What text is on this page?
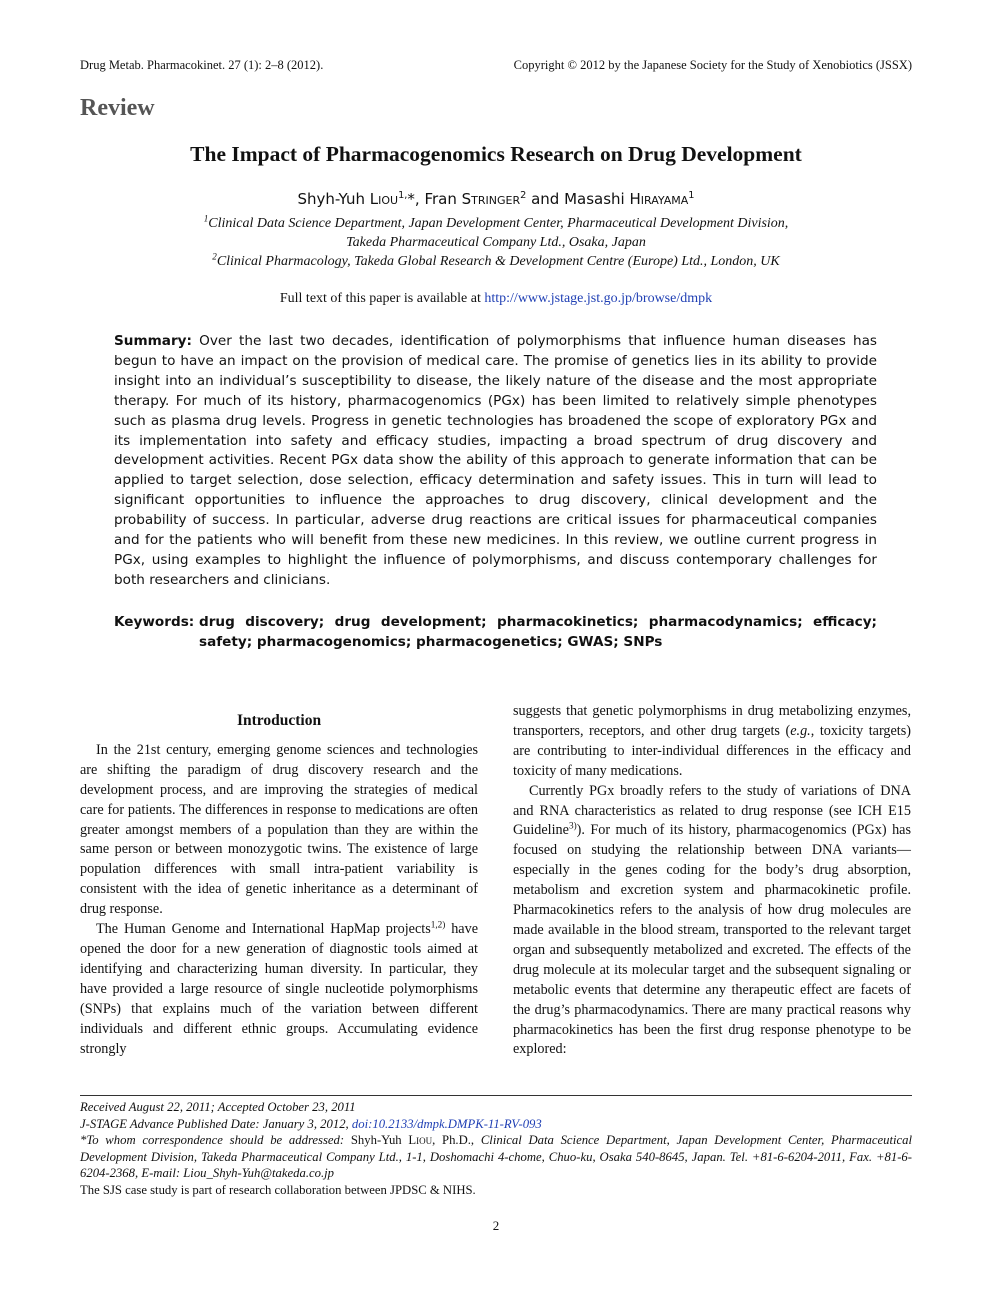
Drug Metab. Pharmacokinet. 27 (1): 2–8 (2012).	Copyright © 2012 by the Japanese Society for the Study of Xenobiotics (JSSX)
Review
The Impact of Pharmacogenomics Research on Drug Development
Shyh-Yuh Liou$^{1,}$*, Fran Stringer$^2$ and Masashi Hirayama$^1$
$^1$Clinical Data Science Department, Japan Development Center, Pharmaceutical Development Division,
Takeda Pharmaceutical Company Ltd., Osaka, Japan
$^2$Clinical Pharmacology, Takeda Global Research & Development Centre (Europe) Ltd., London, UK
Full text of this paper is available at http://www.jstage.jst.go.jp/browse/dmpk
Summary: Over the last two decades, identification of polymorphisms that influence human diseases has begun to have an impact on the provision of medical care. The promise of genetics lies in its ability to provide insight into an individual’s susceptibility to disease, the likely nature of the disease and the most appropriate therapy. For much of its history, pharmacogenomics (PGx) has been limited to relatively simple phenotypes such as plasma drug levels. Progress in genetic technologies has broadened the scope of exploratory PGx and its implementation into safety and efficacy studies, impacting a broad spectrum of drug discovery and development activities. Recent PGx data show the ability of this approach to generate information that can be applied to target selection, dose selection, efficacy determination and safety issues. This in turn will lead to significant opportunities to influence the approaches to drug discovery, clinical development and the probability of success. In particular, adverse drug reactions are critical issues for pharmaceutical companies and for the patients who will benefit from these new medicines. In this review, we outline current progress in PGx, using examples to highlight the influence of polymorphisms, and discuss contemporary challenges for both researchers and clinicians.
Keywords: drug discovery; drug development; pharmacokinetics; pharmacodynamics; efficacy; safety; pharmacogenomics; pharmacogenetics; GWAS; SNPs
Introduction

In the 21st century, emerging genome sciences and technologies are shifting the paradigm of drug discovery research and the development process, and are improving the strategies of medical care for patients. The differences in response to medications are often greater amongst members of a population than they are within the same person or between monozygotic twins. The existence of large population differences with small intra-patient variability is consistent with the idea of genetic inheritance as a determinant of drug response.

The Human Genome and International HapMap projects$^{1,2)}$ have opened the door for a new generation of diagnostic tools aimed at identifying and characterizing human diversity. In particular, they have provided a large resource of single nucleotide polymorphisms (SNPs) that explains much of the variation between different individuals and different ethnic groups. Accumulating evidence strongly

suggests that genetic polymorphisms in drug metabolizing enzymes, transporters, receptors, and other drug targets (e.g., toxicity targets) are contributing to inter-individual differences in the efficacy and toxicity of many medications.

Currently PGx broadly refers to the study of variations of DNA and RNA characteristics as related to drug response (see ICH E15 Guideline$^{3)}$). For much of its history, pharmacogenomics (PGx) has focused on studying the relationship between DNA variants—especially in the genes coding for the body’s drug absorption, metabolism and excretion system and pharmacokinetic profile. Pharmacokinetics refers to the analysis of how drug molecules are made available in the blood stream, transported to the relevant target organ and subsequently metabolized and excreted. The effects of the drug molecule at its molecular target and the subsequent signaling or metabolic events that determine any therapeutic effect are facets of the drug’s pharmacodynamics. There are many practical reasons why pharmacokinetics has been the first drug response phenotype to be explored:

Received August 22, 2011; Accepted October 23, 2011
J-STAGE Advance Published Date: January 3, 2012, doi:10.2133/dmpk.DMPK-11-RV-093
*To whom correspondence should be addressed: Shyh-Yuh Liou, Ph.D., Clinical Data Science Department, Japan Development Center, Pharmaceutical Development Division, Takeda Pharmaceutical Company Ltd., 1-1, Doshomachi 4-chome, Chuo-ku, Osaka 540-8645, Japan. Tel. +81-6-6204-2011, Fax. +81-6-6204-2368, E-mail: Liou_Shyh-Yuh@takeda.co.jp
The SJS case study is part of research collaboration between JPDSC & NIHS.
2
